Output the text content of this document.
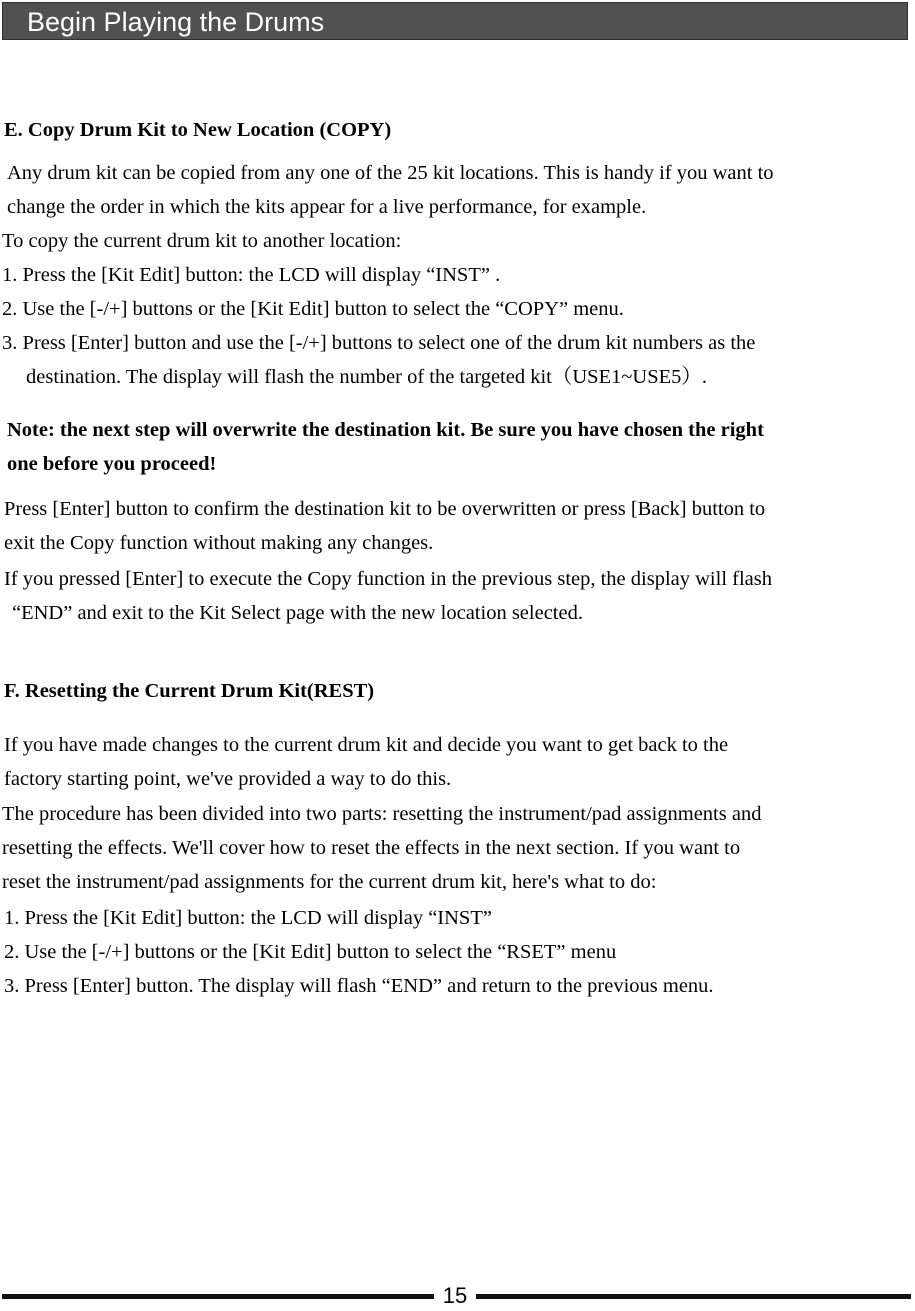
Begin Playing the Drums
E. Copy Drum Kit to New Location (COPY)
Any drum kit can be copied from any one of the 25 kit locations. This is handy if you want to
change the order in which the kits appear for a live performance, for example.
To copy the current drum kit to another location:
1. Press the [Kit Edit] button: the LCD will display “INST” .
2. Use the [-/+] buttons or the [Kit Edit] button to select the “COPY” menu.
3. Press [Enter] button and use the [-/+] buttons to select one of the drum kit numbers as the
destination. The display will flash the number of the targeted kit（USE1~USE5）.
Note: the next step will overwrite the destination kit. Be sure you have chosen the right
one before you proceed!
Press [Enter] button to confirm the destination kit to be overwritten or press [Back] button to
exit the Copy function without making any changes.
If you pressed [Enter] to execute the Copy function in the previous step, the display will flash
“END” and exit to the Kit Select page with the new location selected.
F. Resetting the Current Drum Kit(REST)
If you have made changes to the current drum kit and decide you want to get back to the
factory starting point, we've provided a way to do this.
The procedure has been divided into two parts: resetting the instrument/pad assignments and
resetting the effects. We'll cover how to reset the effects in the next section. If you want to
reset the instrument/pad assignments for the current drum kit, here's what to do:
1. Press the [Kit Edit] button: the LCD will display “INST”
2. Use the [-/+] buttons or the [Kit Edit] button to select the “RSET” menu
3. Press [Enter] button. The display will flash “END” and return to the previous menu.
15
